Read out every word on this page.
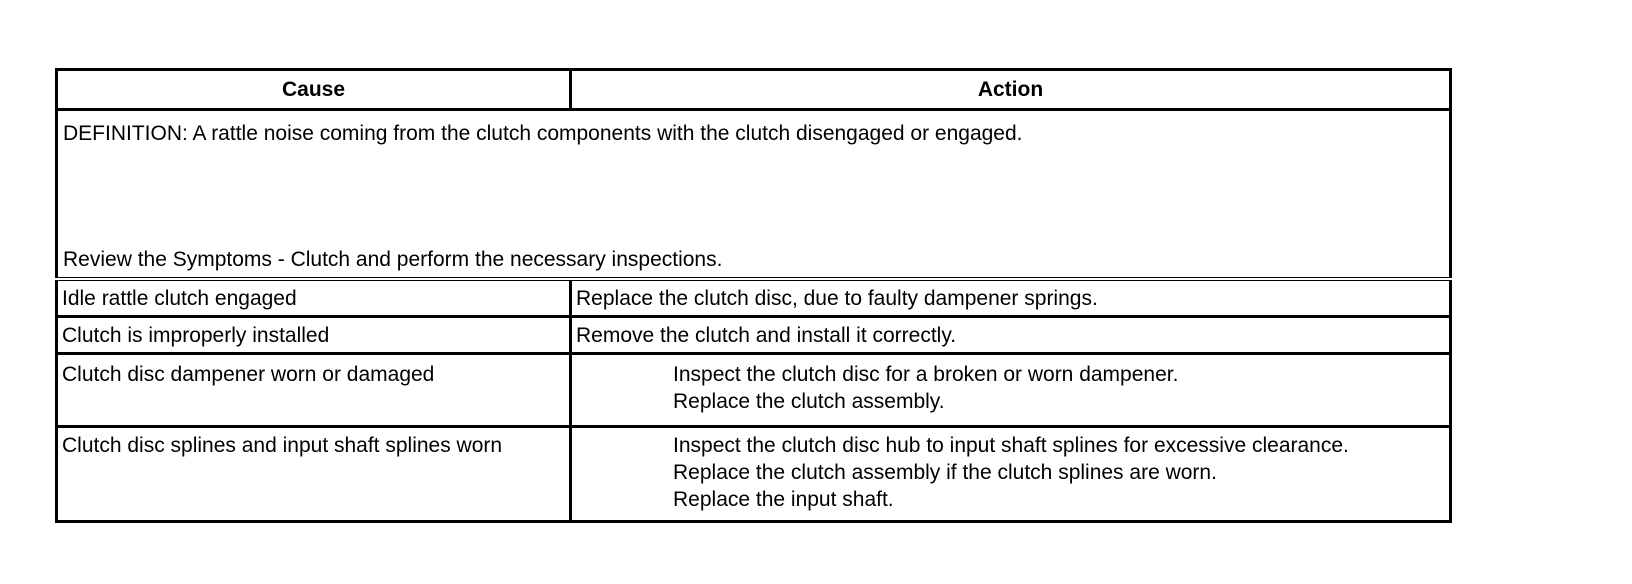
Cause	Action

DEFINITION: A rattle noise coming from the clutch components with the clutch disengaged or engaged.
Review the Symptoms - Clutch and perform the necessary inspections.	

Idle rattle clutch engaged	Replace the clutch disc, due to faulty dampener springs.
Clutch is improperly installed	Remove the clutch and install it correctly.
Clutch disc dampener worn or damaged	Inspect the clutch disc for a broken or worn dampener.
Replace the clutch assembly.

Clutch disc splines and input shaft splines worn	Inspect the clutch disc hub to input shaft splines for excessive clearance.
Replace the clutch assembly if the clutch splines are worn.
Replace the input shaft.
